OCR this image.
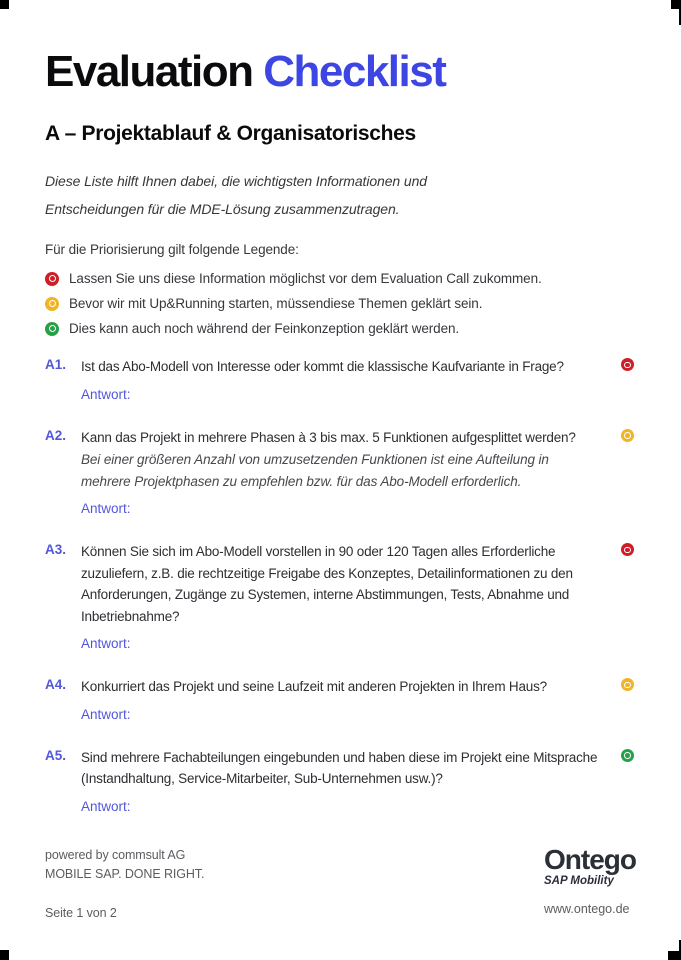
Evaluation Checklist
A – Projektablauf & Organisatorisches

Diese Liste hilft Ihnen dabei, die wichtigsten Informationen und Entscheidungen für die MDE-Lösung zusammenzutragen.

Für die Priorisierung gilt folgende Legende:

Lassen Sie uns diese Information möglichst vor dem Evaluation Call zukommen.
Bevor wir mit Up&Running starten, müssendiese Themen geklärt sein.
Dies kann auch noch während der Feinkonzeption geklärt werden.
A1.	Ist das Abo-Modell von Interesse oder kommt die klassische Kaufvariante in Frage?

Antwort:
A2.	Kann das Projekt in mehrere Phasen à 3 bis max. 5 Funktionen aufgesplittet werden?

Bei einer größeren Anzahl von umzusetzenden Funktionen ist eine Aufteilung in mehrere Projektphasen zu empfehlen bzw. für das Abo-Modell erforderlich.

Antwort:
A3.	Können Sie sich im Abo-Modell vorstellen in 90 oder 120 Tagen alles Erforderliche zuzuliefern, z.B. die rechtzeitige Freigabe des Konzeptes, Detailinformationen zu den Anforderungen, Zugänge zu Systemen, interne Abstimmungen, Tests, Abnahme und Inbetriebnahme?

Antwort:
A4.	Konkurriert das Projekt und seine Laufzeit mit anderen Projekten in Ihrem Haus?

Antwort:
A5.	Sind mehrere Fachabteilungen eingebunden und haben diese im Projekt eine Mitsprache (Instandhaltung, Service-Mitarbeiter, Sub-Unternehmen usw.)?

Antwort:
powered by commsult AG
MOBILE SAP. DONE RIGHT.
Seite 1 von 2
Ontego
SAP Mobility
www.ontego.de
